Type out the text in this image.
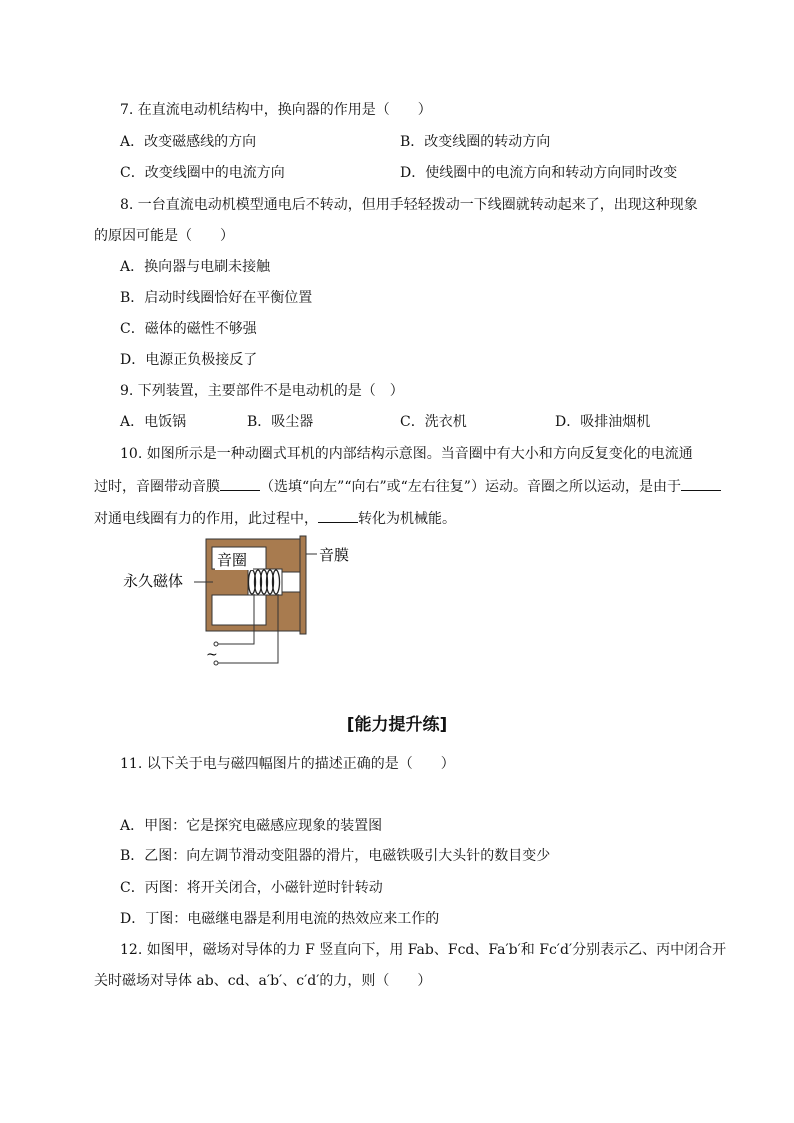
7. 在直流电动机结构中，换向器的作用是（　　）
A．改变磁感线的方向	B．改变线圈的转动方向
C．改变线圈中的电流方向	D．使线圈中的电流方向和转动方向同时改变
8. 一台直流电动机模型通电后不转动，但用手轻轻拨动一下线圈就转动起来了，出现这种现象
的原因可能是（　　）
A．换向器与电刷未接触
B．启动时线圈恰好在平衡位置
C．磁体的磁性不够强
D．电源正负极接反了
9. 下列装置，主要部件不是电动机的是（　）
A．电饭锅	B．吸尘器	C．洗衣机	D．吸排油烟机
10. 如图所示是一种动圈式耳机的内部结构示意图。当音圈中有大小和方向反复变化的电流通
过时，音圈带动音膜	（选填“向左”“向右”或“左右往复”）运动。音圈之所以运动，是由于
对通电线圈有力的作用，此过程中，	转化为机械能。
音圈	音膜
永久磁体
~
[能力提升练]
11. 以下关于电与磁四幅图片的描述正确的是（　　）
A．甲图：它是探究电磁感应现象的装置图
B．乙图：向左调节滑动变阻器的滑片，电磁铁吸引大头针的数目变少
C．丙图：将开关闭合，小磁针逆时针转动
D．丁图：电磁继电器是利用电流的热效应来工作的
12. 如图甲，磁场对导体的力 F 竖直向下，用 Fab、Fcd、Fa′b′和 Fc′d′分别表示乙、丙中闭合开
关时磁场对导体 ab、cd、a′b′、c′d′的力，则（　　）
